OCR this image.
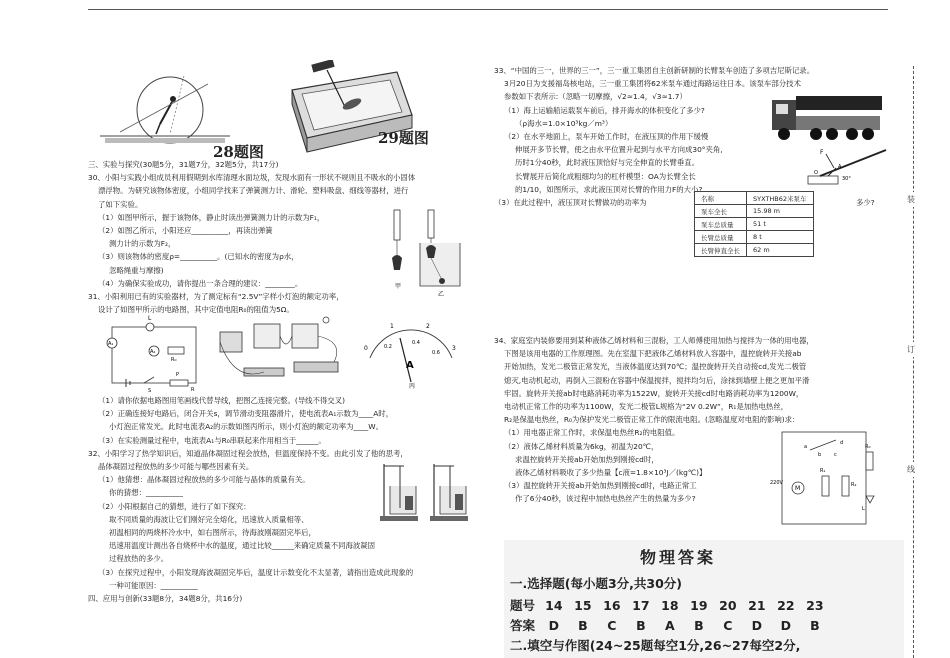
28题图
29题图

三、实验与探究(30题5分，31题7分，32题5分，共17分)

30、小阳与实践小组成员利用假期到水库清理水面垃圾，发现水面有一形状不规则且不吸水的小固体

漂浮物。为研究该物体密度，小组同学找来了弹簧测力计、滑轮、塑料吸盘、细线等器材，进行

了如下实验。

（1）如图甲所示，握于该物体，静止时读出弹簧测力计的示数为F₁，

（2）如图乙所示，小阳还应__________，再读出弹簧

测力计的示数为F₂，

（3）则该物体的密度ρ=__________。(已知水的密度为ρ水，

忽略绳重与摩擦)

（4）为确保实验成功，请你提出一条合理的建议：________。

31、小阳利用已有的实验器材，为了测定标有“2.5V”字样小灯泡的额定功率，

设计了如图甲所示的电路图，其中定值电阻R₀的阻值为5Ω。

甲
乙
L
A₁
A₂
R₀
S	R
P
0
1	2
3
0.2
0.4
0.6
A
丙

（1）请你依据电路图用笔画线代替导线，把图乙连接完整。(导线不得交叉)

（2）正确连接好电路后，闭合开关s，调节滑动变阻器滑片，使电流表A₁示数为____A时，

小灯泡正常发光。此时电流表A₂的示数如图丙所示，则小灯泡的额定功率为____W。

（3）在实验测量过程中，电流表A₁与R₀串联起来作用相当于______。

32、小阳学习了热学知识后，知道晶体凝固过程会放热，但温度保持不变。由此引发了他的思考，

晶体凝固过程放热的多少可能与哪些因素有关。

（1）他猜想：晶体凝固过程放热的多少可能与晶体的质量有关。

你的猜想：__________

（2）小阳根据自己的猜想，进行了如下探究：

取不同质量的海波让它们刚好完全熔化，迅速放入质量相等、

初温相同的两烧杯冷水中，如右图所示，待海波刚凝固完毕后，

迅速用温度计测出各自烧杯中水的温度，通过比较______来确定质量不同海波凝固

过程放热的多少。

（3）在探究过程中，小阳发现海波凝固完毕后，温度计示数变化不太显著，请指出造成此现象的

一种可能原因：__________

四、应用与创新(33题8分，34题8分，共16分)

33、“中国的三一，世界的三一”，三一重工集团自主创新研制的长臂泵车创造了多项吉尼斯记录。

3月20日为支援福岛核电站，三一重工集团将62米泵车通过海路运往日本。该泵车部分技术

参数如下表所示:（忽略一切摩擦，√2≈1.4，√3≈1.7）

（1）海上运输船运载泵车前后，排开海水的体积变化了多少?

（ρ海水=1.0×10³kg／m³）

（2）在水平地面上，泵车开始工作时，在液压顶的作用下缓慢

伸展开多节长臂，使之由水平位置升起到与水平方向成30°夹角,

历时1分40秒，此时液压顶恰好与完全伸直的长臂垂直。

长臂展开后简化成粗细均匀的杠杆模型：OA为长臂全长

的1/10，如图所示，求此液压顶对长臂的作用力F的大小?

（3）在此过程中，液压顶对长臂做功的功率为	多少?
F
A
O
30°
名称	SYXTHB62米泵车
泵车全长	15.98 m
泵车总质量	51 t
长臂总质量	8 t
长臂伸直全长	62 m

34、家庭室内装修要用到某种液体乙烯材料和三混粉，工人师傅使用加热与搅拌为一体的用电器，

下图是该用电器的工作原理图。先在室温下把液体乙烯材料放入容器中，温控旋转开关接ab

开始加热，发光二极管正常发光，当液体温度达到70℃；温控旋转开关自动接cd,发光二极管

熄灭,电动机起动，再倒入三混粉在容器中保温搅拌，搅拌均匀后，涂抹到墙壁上便之更加平滑

牢固。旋转开关接ab时电路消耗功率为1522W，旋转开关接cd时电路消耗功率为1200W，

电动机正常工作的功率为1100W，发光二极管L规格为“2V 0.2W”，R₁是加热电热丝，

R₂是保温电热丝，R₀为保护发光二极管正常工作的限流电阻。(忽略温度对电阻的影响)求：

（1）用电器正常工作时，求保温电热丝R₂的电阻值。

（2）液体乙烯材料质量为6kg，初温为20℃，

求温控旋转开关接ab开始加热到刚接cd时，

液体乙烯材料吸收了多少热量【c液=1.8×10³J／(kg℃)】

（3）温控旋转开关接ab开始加热到刚接cd时，电路正常工

作了6分40秒，该过程中加热电热丝产生的热量为多少?

220V
M
R₁
R₂
R₀
L
a
b	c
d
物理答案
一.选择题(每小题3分,共30分)
题号 14 15 16 17 18 19 20 21 22 23
答案 D B C B A B C D D B
二.填空与作图(24~25题每空1分,26~27每空2分,
装
订
线
